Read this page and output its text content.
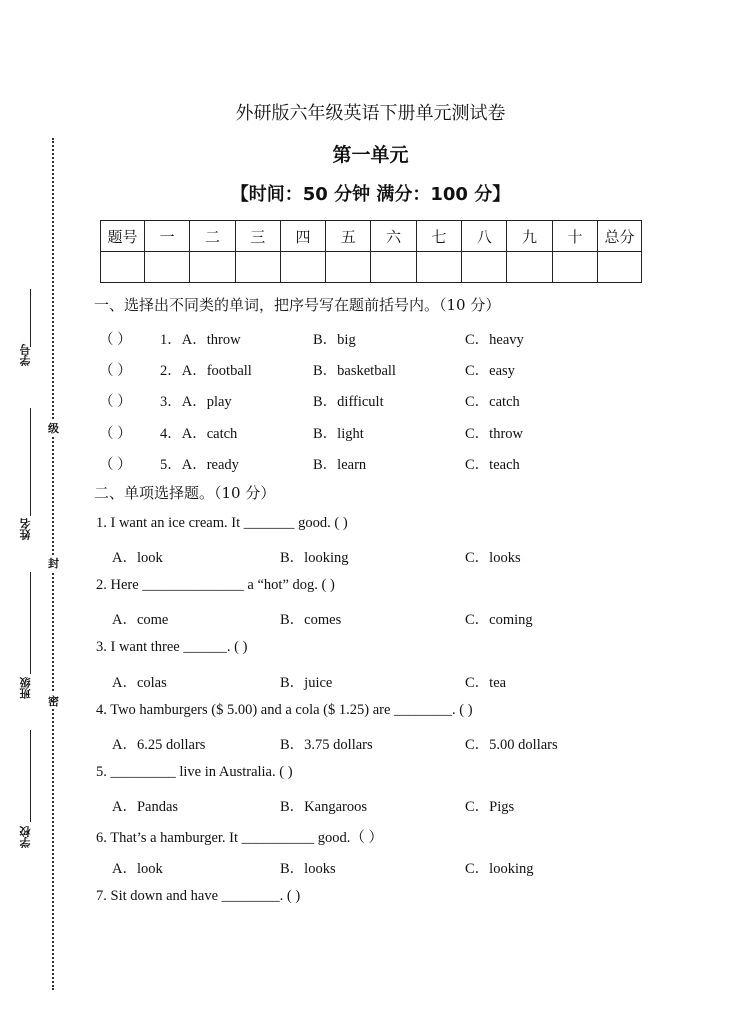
学号
姓名
班级
学校
级
封
密
外研版六年级英语下册单元测试卷
第一单元
【时间：50 分钟 满分：100 分】
题号	一	二	三	四	五	六	七	八	九	十	总分

一、选择出不同类的单词，把序号写在题前括号内。（10 分）
（ ） 1．A．throw	B．big	C．heavy
（ ） 2．A．football	B．basketball	C．easy
（ ） 3．A．play	B．difficult	C．catch
（ ） 4．A．catch	B．light	C．throw
（ ） 5．A．ready	B．learn	C．teach
二、单项选择题。（10 分）
1. I want an ice cream. It _______ good. ( )
A．look	B．looking	C．looks
2. Here ______________ a “hot” dog. ( )
A．come	B．comes	C．coming
3. I want three ______. ( )
A．colas	B．juice	C．tea
4. Two hamburgers ($ 5.00) and a cola ($ 1.25) are ________. ( )
A．6.25 dollars	B．3.75 dollars	C．5.00 dollars
5. _________ live in Australia. ( )
A．Pandas	B．Kangaroos	C．Pigs
6. That’s a hamburger. It __________ good.（ ）
A．look	B．looks	C．looking
7. Sit down and have ________. ( )
